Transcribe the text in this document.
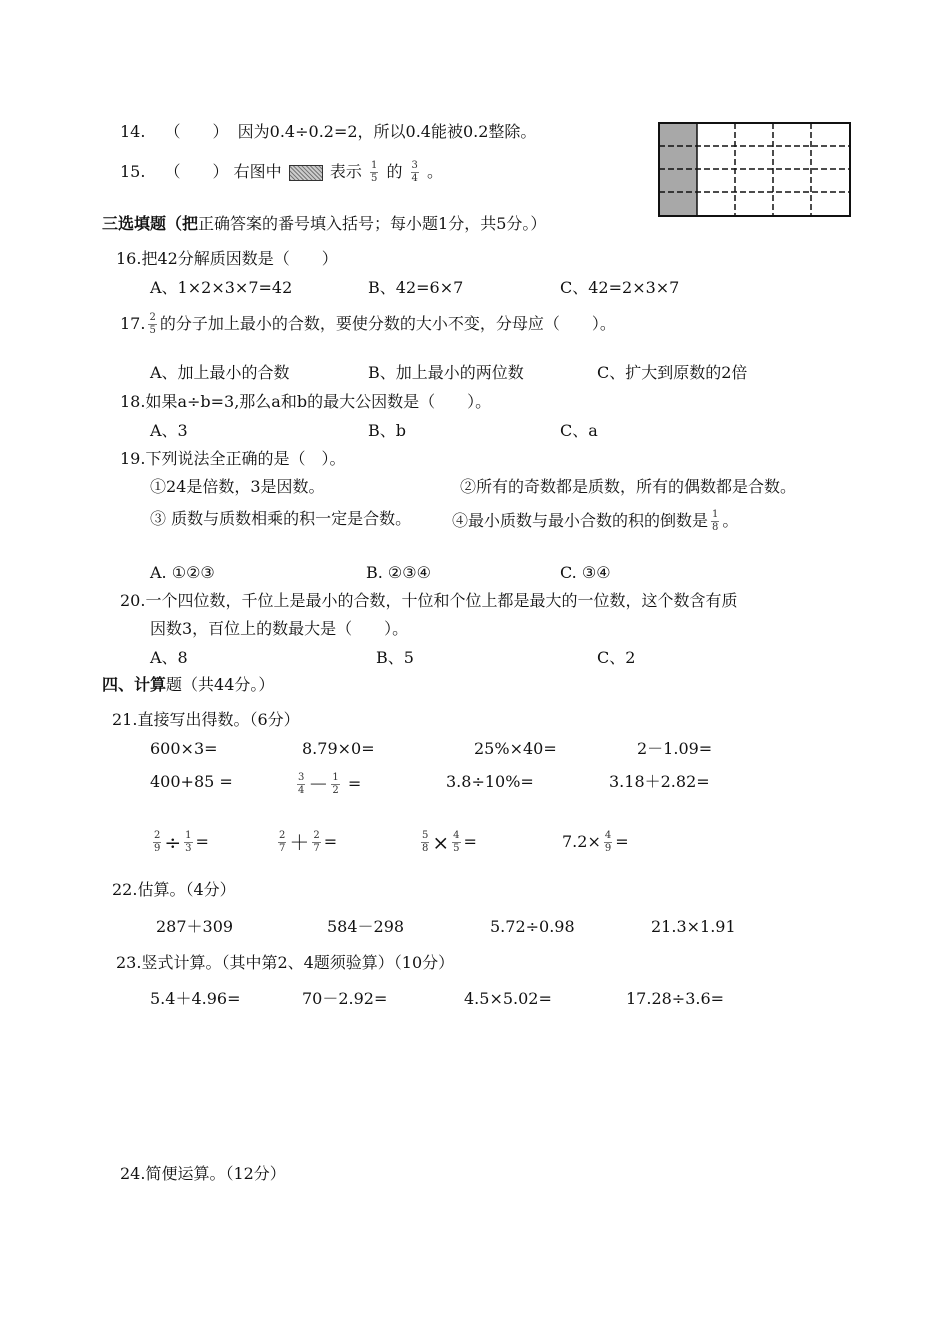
14. （　　） 因为0.4÷0.2=2，所以0.4能被0.2整除。
15. （　　） 右图中	表示 $\frac{1}{5}$ 的 $\frac{3}{4}$ 。
三选填题（把正确答案的番号填入括号；每小题1分，共5分。）
16.把42分解质因数是（　　）
A、1×2×3×7=42	B、42=6×7	C、42=2×3×7
17. $\frac{2}{5}$ 的分子加上最小的合数，要使分数的大小不变，分母应（　　）。
A、加上最小的合数	B、加上最小的两位数	C、扩大到原数的2倍
18.如果a÷b=3,那么a和b的最大公因数是（　　）。
A、3	B、b	C、a
19.下列说法全正确的是（　）。
①24是倍数，3是因数。	②所有的奇数都是质数，所有的偶数都是合数。
③ 质数与质数相乘的积一定是合数。	④最小质数与最小合数的积的倒数是 $\frac{1}{8}$ 。
A. ①②③	B. ②③④	C. ③④
20.一个四位数，千位上是最小的合数，十位和个位上都是最大的一位数，这个数含有质
因数3，百位上的数最大是（　　）。
A、8	B、5	C、2
四、计算题（共44分。）
21.直接写出得数。（6分）
600×3=	8.79×0=	25%×40=	2－1.09=
400+85 =	$\frac{3}{4} - \frac{1}{2}$ =	3.8÷10%=	3.18＋2.82=
$\frac{2}{9} \div \frac{1}{3}$ =	$\frac{2}{7} + \frac{2}{7}$ =	$\frac{5}{8} \times \frac{4}{5}$ =	$7.2\times \frac{4}{9}$ =
22.估算。（4分）
287＋309	584－298	5.72÷0.98	21.3×1.91
23.竖式计算。（其中第2、4题须验算）（10分）
5.4＋4.96=	70－2.92=	4.5×5.02=	17.28÷3.6=
24.简便运算。（12分）
